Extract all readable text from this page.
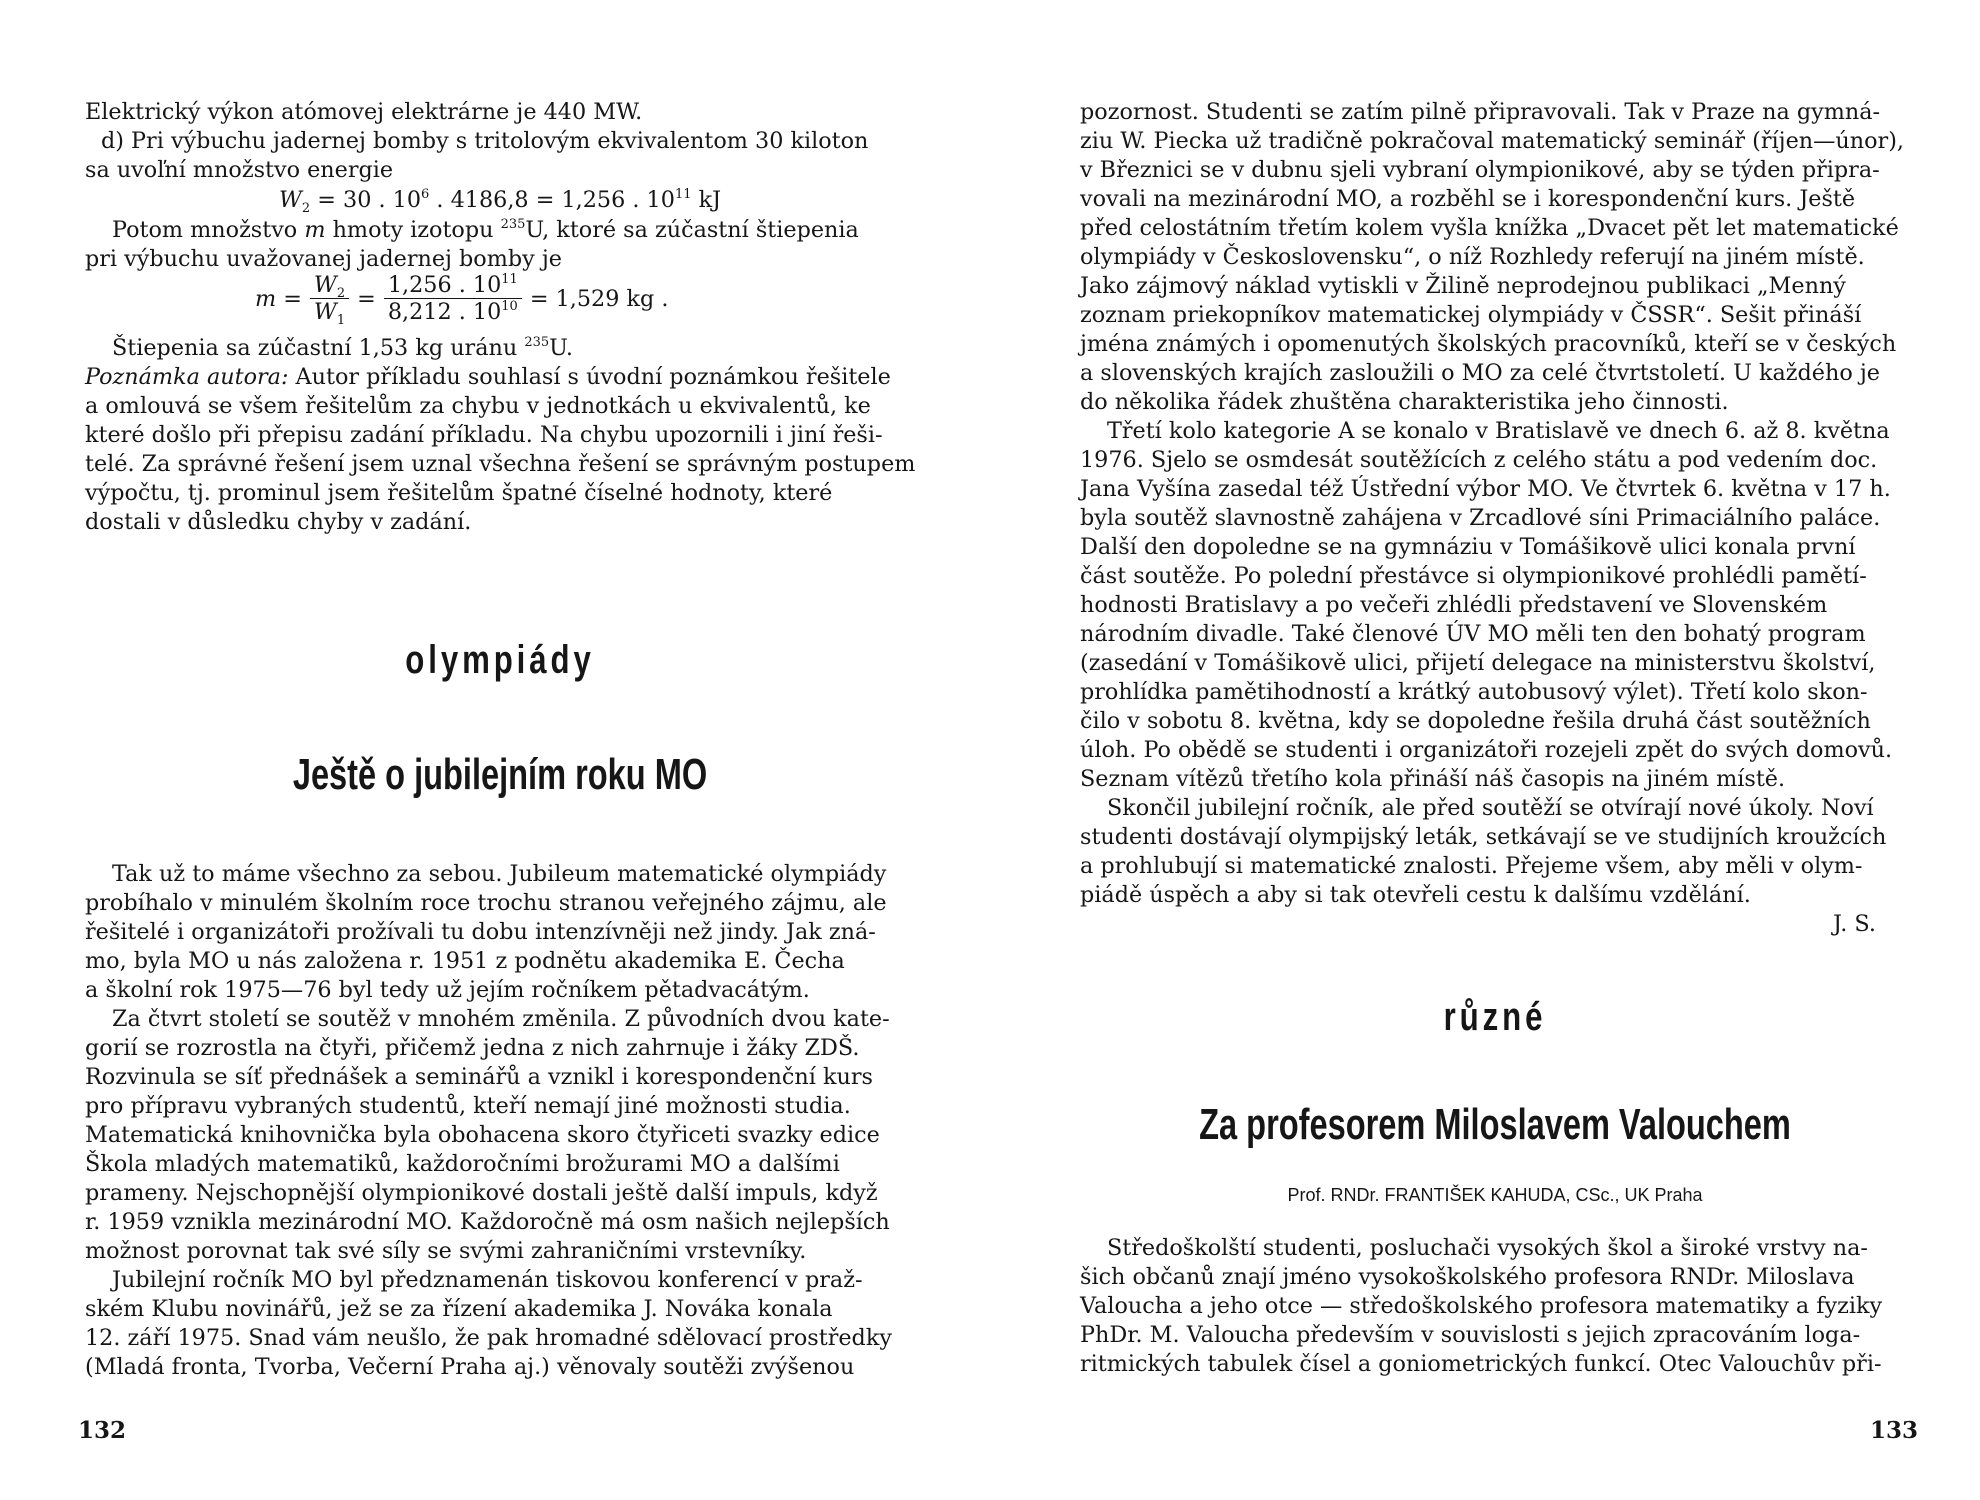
Elektrický výkon atómovej elektrárne je 440 MW.

d) Pri výbuchu jadernej bomby s tritolovým ekvivalentom 30 kiloton

sa uvoľní množstvo energie

$W_2 = 30$ . $10^6$ . 4186,8 = 1,256 . $10^{11}$ kJ

Potom množstvo m hmoty izotopu $^{235}$U, ktoré sa zúčastní štiepenia

pri výbuchu uvažovanej jadernej bomby je

$m = \frac{W_2}{W_1} = \frac{1,256 . 10^{11}}{8,212 . 10^{10}} = 1,529$ kg .

Štiepenia sa zúčastní 1,53 kg uránu $^{235}$U.

Poznámka autora: Autor příkladu souhlasí s úvodní poznámkou řešitele

a omlouvá se všem řešitelům za chybu v jednotkách u ekvivalentů, ke

které došlo při přepisu zadání příkladu. Na chybu upozornili i jiní řeši-

telé. Za správné řešení jsem uznal všechna řešení se správným postupem

výpočtu, tj. prominul jsem řešitelům špatné číselné hodnoty, které

dostali v důsledku chyby v zadání.

olympiády
Ještě o jubilejním roku MO

Tak už to máme všechno za sebou. Jubileum matematické olympiády

probíhalo v minulém školním roce trochu stranou veřejného zájmu, ale

řešitelé i organizátoři prožívali tu dobu intenzívněji než jindy. Jak zná-

mo, byla MO u nás založena r. 1951 z podnětu akademika E. Čecha

a školní rok 1975—76 byl tedy už jejím ročníkem pětadvacátým.

Za čtvrt století se soutěž v mnohém změnila. Z původních dvou kate-

gorií se rozrostla na čtyři, přičemž jedna z nich zahrnuje i žáky ZDŠ.

Rozvinula se síť přednášek a seminářů a vznikl i korespondenční kurs

pro přípravu vybraných studentů, kteří nemají jiné možnosti studia.

Matematická knihovnička byla obohacena skoro čtyřiceti svazky edice

Škola mladých matematiků, každoročními brožurami MO a dalšími

prameny. Nejschopnější olympionikové dostali ještě další impuls, když

r. 1959 vznikla mezinárodní MO. Každoročně má osm našich nejlepších

možnost porovnat tak své síly se svými zahraničními vrstevníky.

Jubilejní ročník MO byl předznamenán tiskovou konferencí v praž-

ském Klubu novinářů, jež se za řízení akademika J. Nováka konala

12. září 1975. Snad vám neušlo, že pak hromadné sdělovací prostředky

(Mladá fronta, Tvorba, Večerní Praha aj.) věnovaly soutěži zvýšenou

132

pozornost. Studenti se zatím pilně připravovali. Tak v Praze na gymná-

ziu W. Piecka už tradičně pokračoval matematický seminář (říjen—únor),

v Březnici se v dubnu sjeli vybraní olympionikové, aby se týden připra-

vovali na mezinárodní MO, a rozběhl se i korespondenční kurs. Ještě

před celostátním třetím kolem vyšla knížka „Dvacet pět let matematické

olympiády v Československu“, o níž Rozhledy referují na jiném místě.

Jako zájmový náklad vytiskli v Žilině neprodejnou publikaci „Menný

zoznam priekopníkov matematickej olympiády v ČSSR“. Sešit přináší

jména známých i opomenutých školských pracovníků, kteří se v českých

a slovenských krajích zasloužili o MO za celé čtvrtstoletí. U každého je

do několika řádek zhuštěna charakteristika jeho činnosti.

Třetí kolo kategorie A se konalo v Bratislavě ve dnech 6. až 8. května

1976. Sjelo se osmdesát soutěžících z celého státu a pod vedením doc.

Jana Vyšína zasedal též Ústřední výbor MO. Ve čtvrtek 6. května v 17 h.

byla soutěž slavnostně zahájena v Zrcadlové síni Primaciálního paláce.

Další den dopoledne se na gymnáziu v Tomášikově ulici konala první

část soutěže. Po polední přestávce si olympionikové prohlédli pamětí-

hodnosti Bratislavy a po večeři zhlédli představení ve Slovenském

národním divadle. Také členové ÚV MO měli ten den bohatý program

(zasedání v Tomášikově ulici, přijetí delegace na ministerstvu školství,

prohlídka pamětihodností a krátký autobusový výlet). Třetí kolo skon-

čilo v sobotu 8. května, kdy se dopoledne řešila druhá část soutěžních

úloh. Po obědě se studenti i organizátoři rozejeli zpět do svých domovů.

Seznam vítězů třetího kola přináší náš časopis na jiném místě.

Skončil jubilejní ročník, ale před soutěží se otvírají nové úkoly. Noví

studenti dostávají olympijský leták, setkávají se ve studijních kroužcích

a prohlubují si matematické znalosti. Přejeme všem, aby měli v olym-

piádě úspěch a aby si tak otevřeli cestu k dalšímu vzdělání.

J. S.
různé
Za profesorem Miloslavem Valouchem
Prof. RNDr. FRANTIŠEK KAHUDA, CSc., UK Praha

Středoškolští studenti, posluchači vysokých škol a široké vrstvy na-

šich občanů znají jméno vysokoškolského profesora RNDr. Miloslava

Valoucha a jeho otce — středoškolského profesora matematiky a fyziky

PhDr. M. Valoucha především v souvislosti s jejich zpracováním loga-

ritmických tabulek čísel a goniometrických funkcí. Otec Valouchův při-

133
